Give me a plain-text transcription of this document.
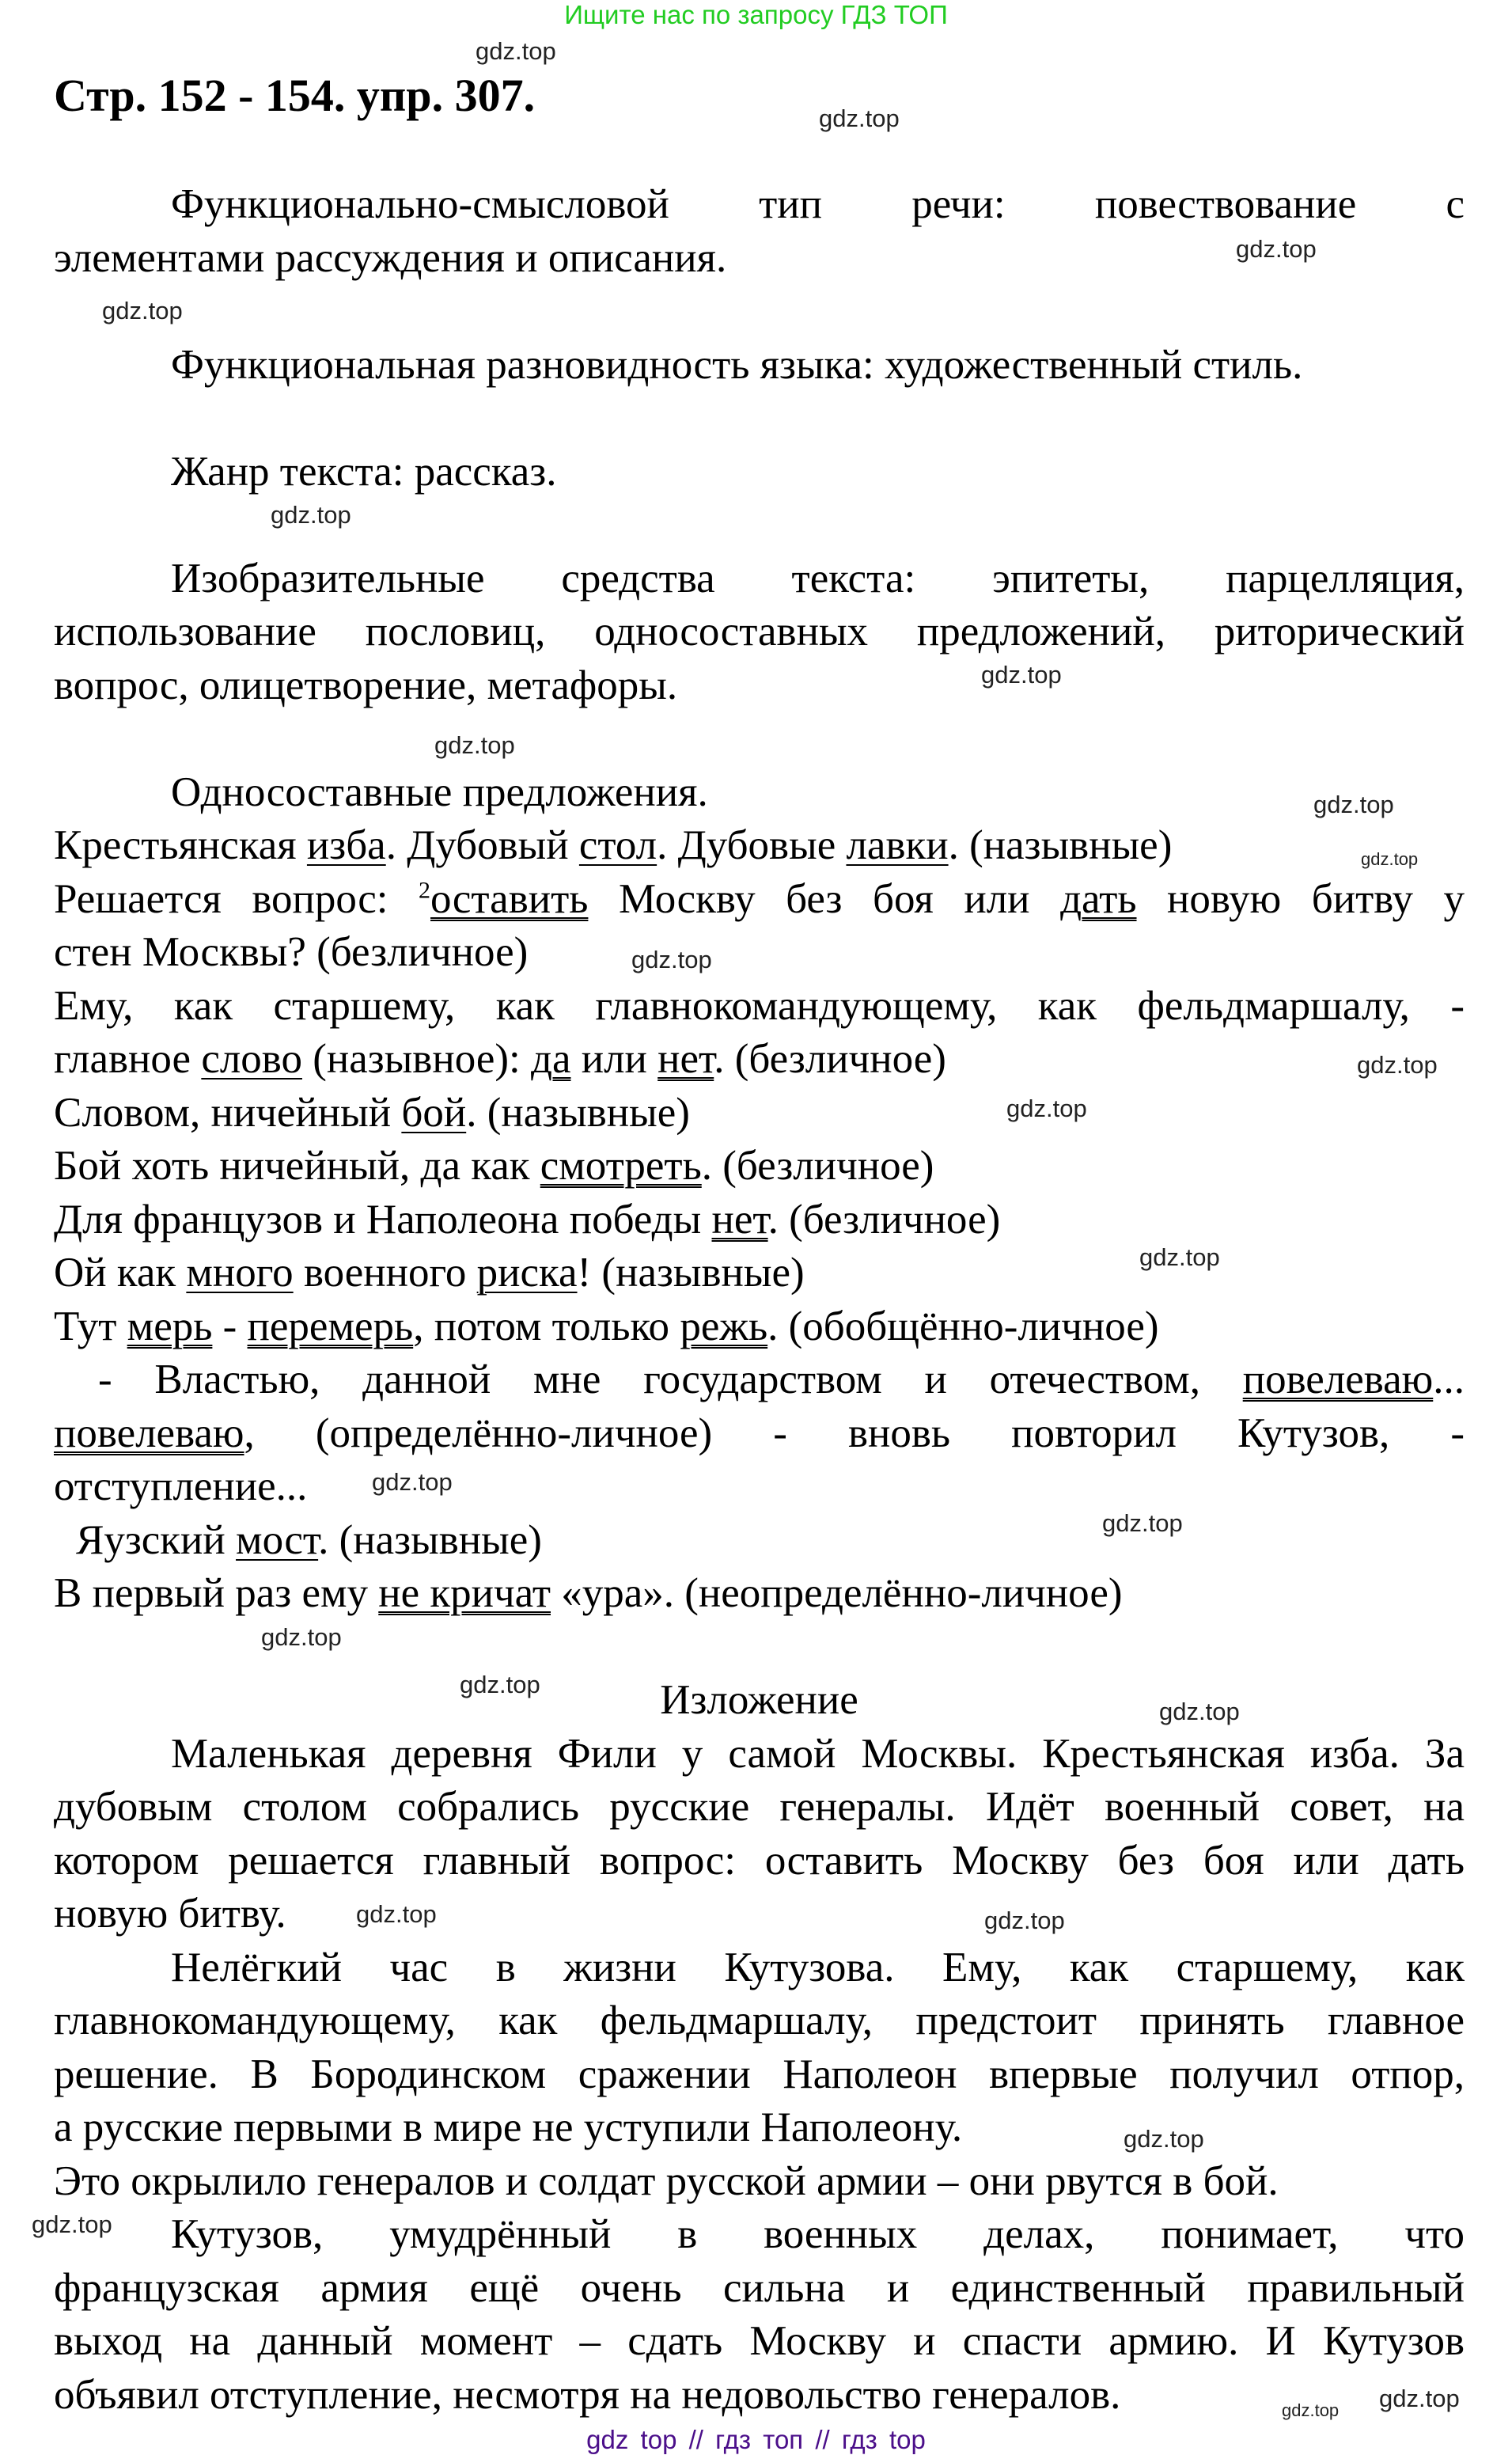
Ищите нас по запросу ГДЗ ТОП
Стр. 152 - 154. упр. 307.
Функционально-смысловой тип речи: повествование с
элементами рассуждения и описания.

Функциональная разновидность языка: художественный стиль.

Жанр текста: рассказ.

Изобразительные средства текста: эпитеты, парцелляция,
использование пословиц, односоставных предложений, риторический
вопрос, олицетворение, метафоры.

Односоставные предложения.
Крестьянская изба. Дубовый стол. Дубовые лавки. (назывные)
Решается вопрос: $^2$оставить Москву без боя или дать новую битву у
стен Москвы? (безличное)
Ему, как старшему, как главнокомандующему, как фельдмаршалу, -
главное слово (назывное): да или нет. (безличное)
Словом, ничейный бой. (назывные)
Бой хоть ничейный, да как смотреть. (безличное)
Для французов и Наполеона победы нет. (безличное)
Ой как много военного риска! (назывные)
Тут мерь - перемерь, потом только режь. (обобщённо-личное)
- Властью, данной мне государством и отечеством, повелеваю...
повелеваю, (определённо-личное) - вновь повторил Кутузов, -
отступление...
Яузский мост. (назывные)
В первый раз ему не кричат «ура». (неопределённо-личное)

Изложение
Маленькая деревня Фили у самой Москвы. Крестьянская изба. За
дубовым столом собрались русские генералы. Идёт военный совет, на
котором решается главный вопрос: оставить Москву без боя или дать
новую битву.
Нелёгкий час в жизни Кутузова. Ему, как старшему, как
главнокомандующему, как фельдмаршалу, предстоит принять главное
решение. В Бородинском сражении Наполеон впервые получил отпор,
а русские первыми в мире не уступили Наполеону.
Это окрылило генералов и солдат русской армии – они рвутся в бой.
Кутузов, умудрённый в военных делах, понимает, что
французская армия ещё очень сильна и единственный правильный
выход на данный момент – сдать Москву и спасти армию. И Кутузов
объявил отступление, несмотря на недовольство генералов.
gdz.top
gdz.top
gdz.top
gdz.top
gdz.top
gdz.top
gdz.top
gdz.top
gdz.top
gdz.top
gdz.top
gdz.top
gdz.top
gdz.top
gdz.top
gdz.top
gdz.top
gdz.top
gdz.top	gdz.top
gdz.top
gdz.top
gdz.top gdz.top
gdz top // гдз топ // гдз top
